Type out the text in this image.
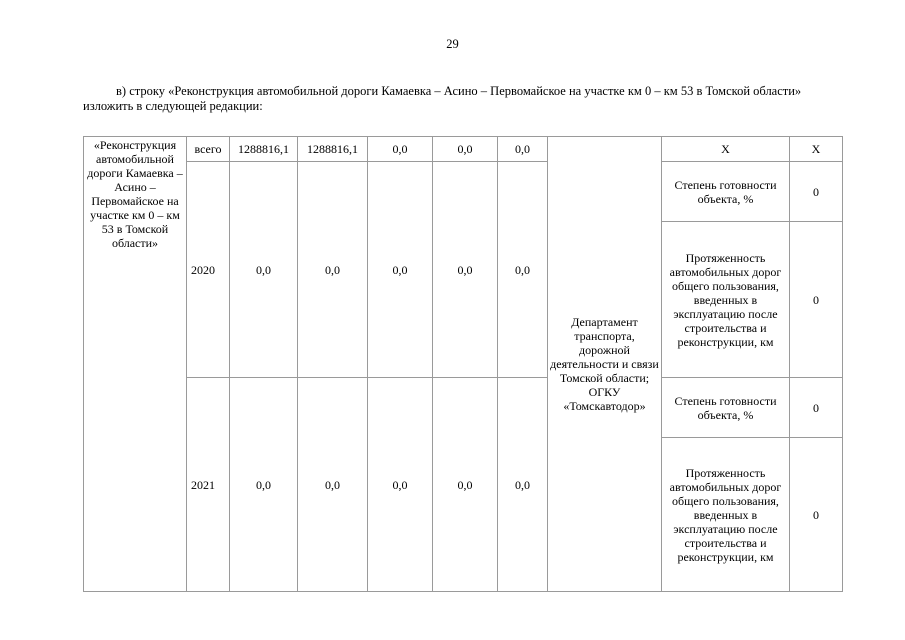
29
в) строку «Реконструкция автомобильной дороги Камаевка – Асино – Первомайское на участке км 0 – км 53 в Томской области» изложить в следующей редакции:
«Реконструкция автомобильной дороги Камаевка – Асино – Первомайское на участке км 0 – км 53 в Томской области»	всего	1288816,1	1288816,1	0,0	0,0	0,0	Департамент транспорта, дорожной деятельности и связи Томской области; ОГКУ «Томскавтодор»	Х	Х
	2020	0,0	0,0	0,0	0,0	0,0		Степень готовности объекта, %	0
								Протяженность автомобильных дорог общего пользования, введенных в эксплуатацию после строительства и реконструкции, км	0
	2021	0,0	0,0	0,0	0,0	0,0		Степень готовности объекта, %	0
								Протяженность автомобильных дорог общего пользования, введенных в эксплуатацию после строительства и реконструкции, км	0
